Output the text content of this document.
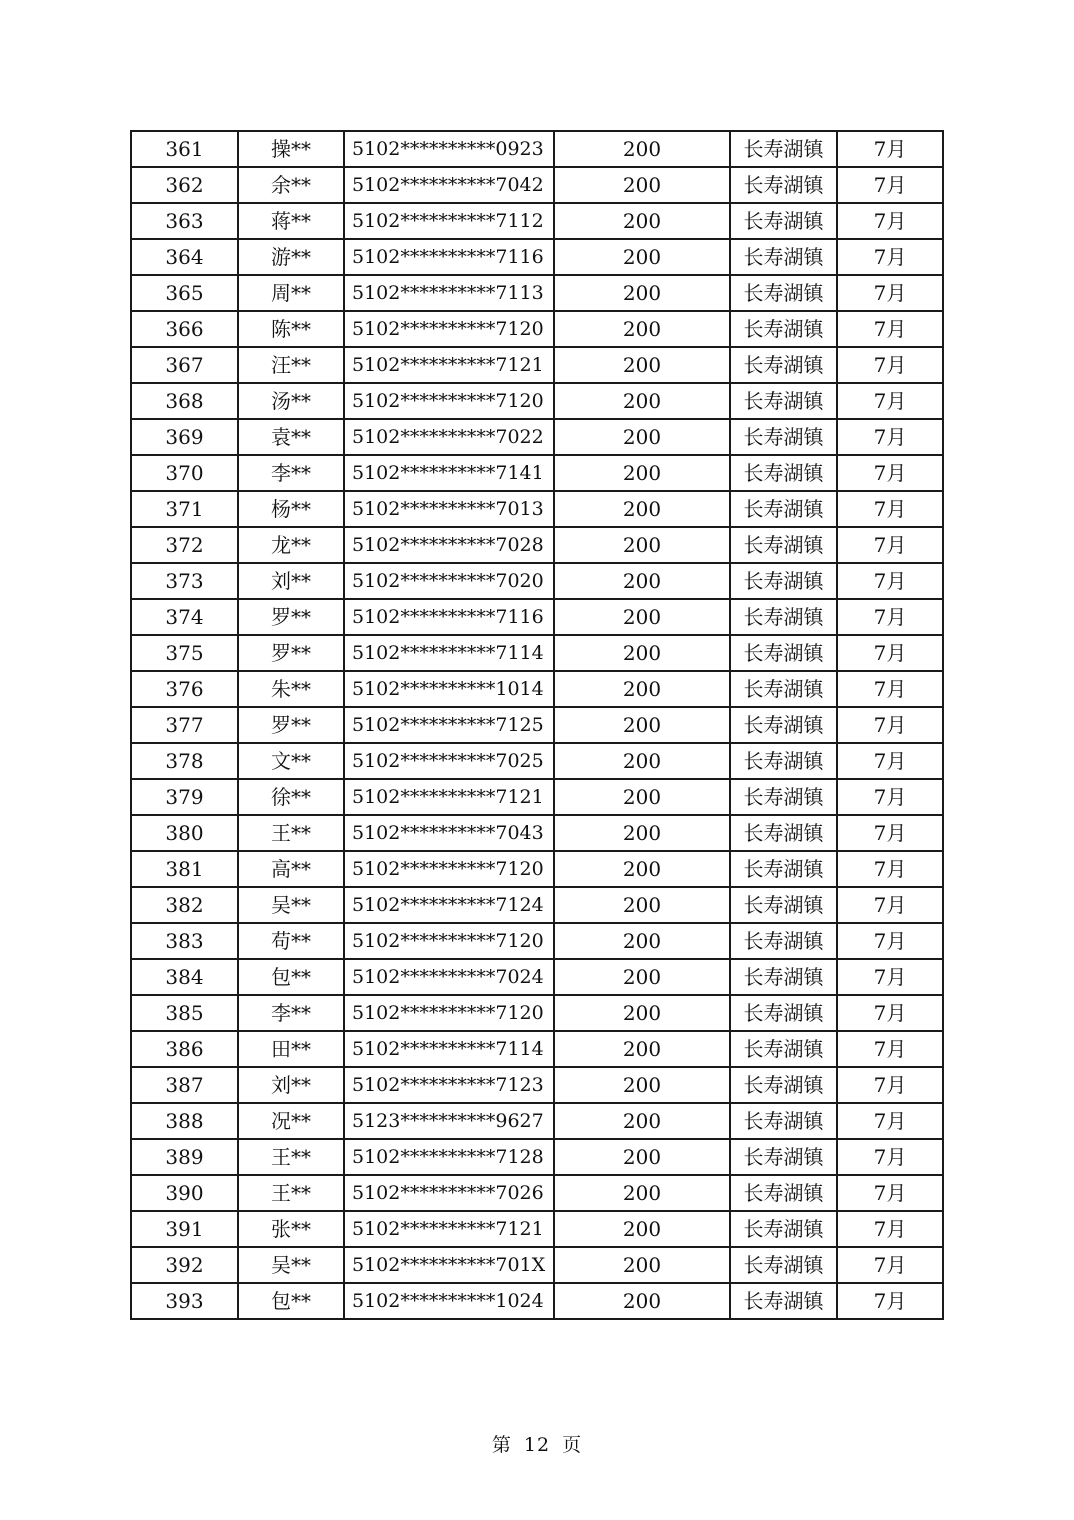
361	操**	5102**********0923	200	长寿湖镇	7月
362	余**	5102**********7042	200	长寿湖镇	7月
363	蒋**	5102**********7112	200	长寿湖镇	7月
364	游**	5102**********7116	200	长寿湖镇	7月
365	周**	5102**********7113	200	长寿湖镇	7月
366	陈**	5102**********7120	200	长寿湖镇	7月
367	汪**	5102**********7121	200	长寿湖镇	7月
368	汤**	5102**********7120	200	长寿湖镇	7月
369	袁**	5102**********7022	200	长寿湖镇	7月
370	李**	5102**********7141	200	长寿湖镇	7月
371	杨**	5102**********7013	200	长寿湖镇	7月
372	龙**	5102**********7028	200	长寿湖镇	7月
373	刘**	5102**********7020	200	长寿湖镇	7月
374	罗**	5102**********7116	200	长寿湖镇	7月
375	罗**	5102**********7114	200	长寿湖镇	7月
376	朱**	5102**********1014	200	长寿湖镇	7月
377	罗**	5102**********7125	200	长寿湖镇	7月
378	文**	5102**********7025	200	长寿湖镇	7月
379	徐**	5102**********7121	200	长寿湖镇	7月
380	王**	5102**********7043	200	长寿湖镇	7月
381	高**	5102**********7120	200	长寿湖镇	7月
382	吴**	5102**********7124	200	长寿湖镇	7月
383	苟**	5102**********7120	200	长寿湖镇	7月
384	包**	5102**********7024	200	长寿湖镇	7月
385	李**	5102**********7120	200	长寿湖镇	7月
386	田**	5102**********7114	200	长寿湖镇	7月
387	刘**	5102**********7123	200	长寿湖镇	7月
388	况**	5123**********9627	200	长寿湖镇	7月
389	王**	5102**********7128	200	长寿湖镇	7月
390	王**	5102**********7026	200	长寿湖镇	7月
391	张**	5102**********7121	200	长寿湖镇	7月
392	吴**	5102**********701X	200	长寿湖镇	7月
393	包**	5102**********1024	200	长寿湖镇	7月
第 12 页
